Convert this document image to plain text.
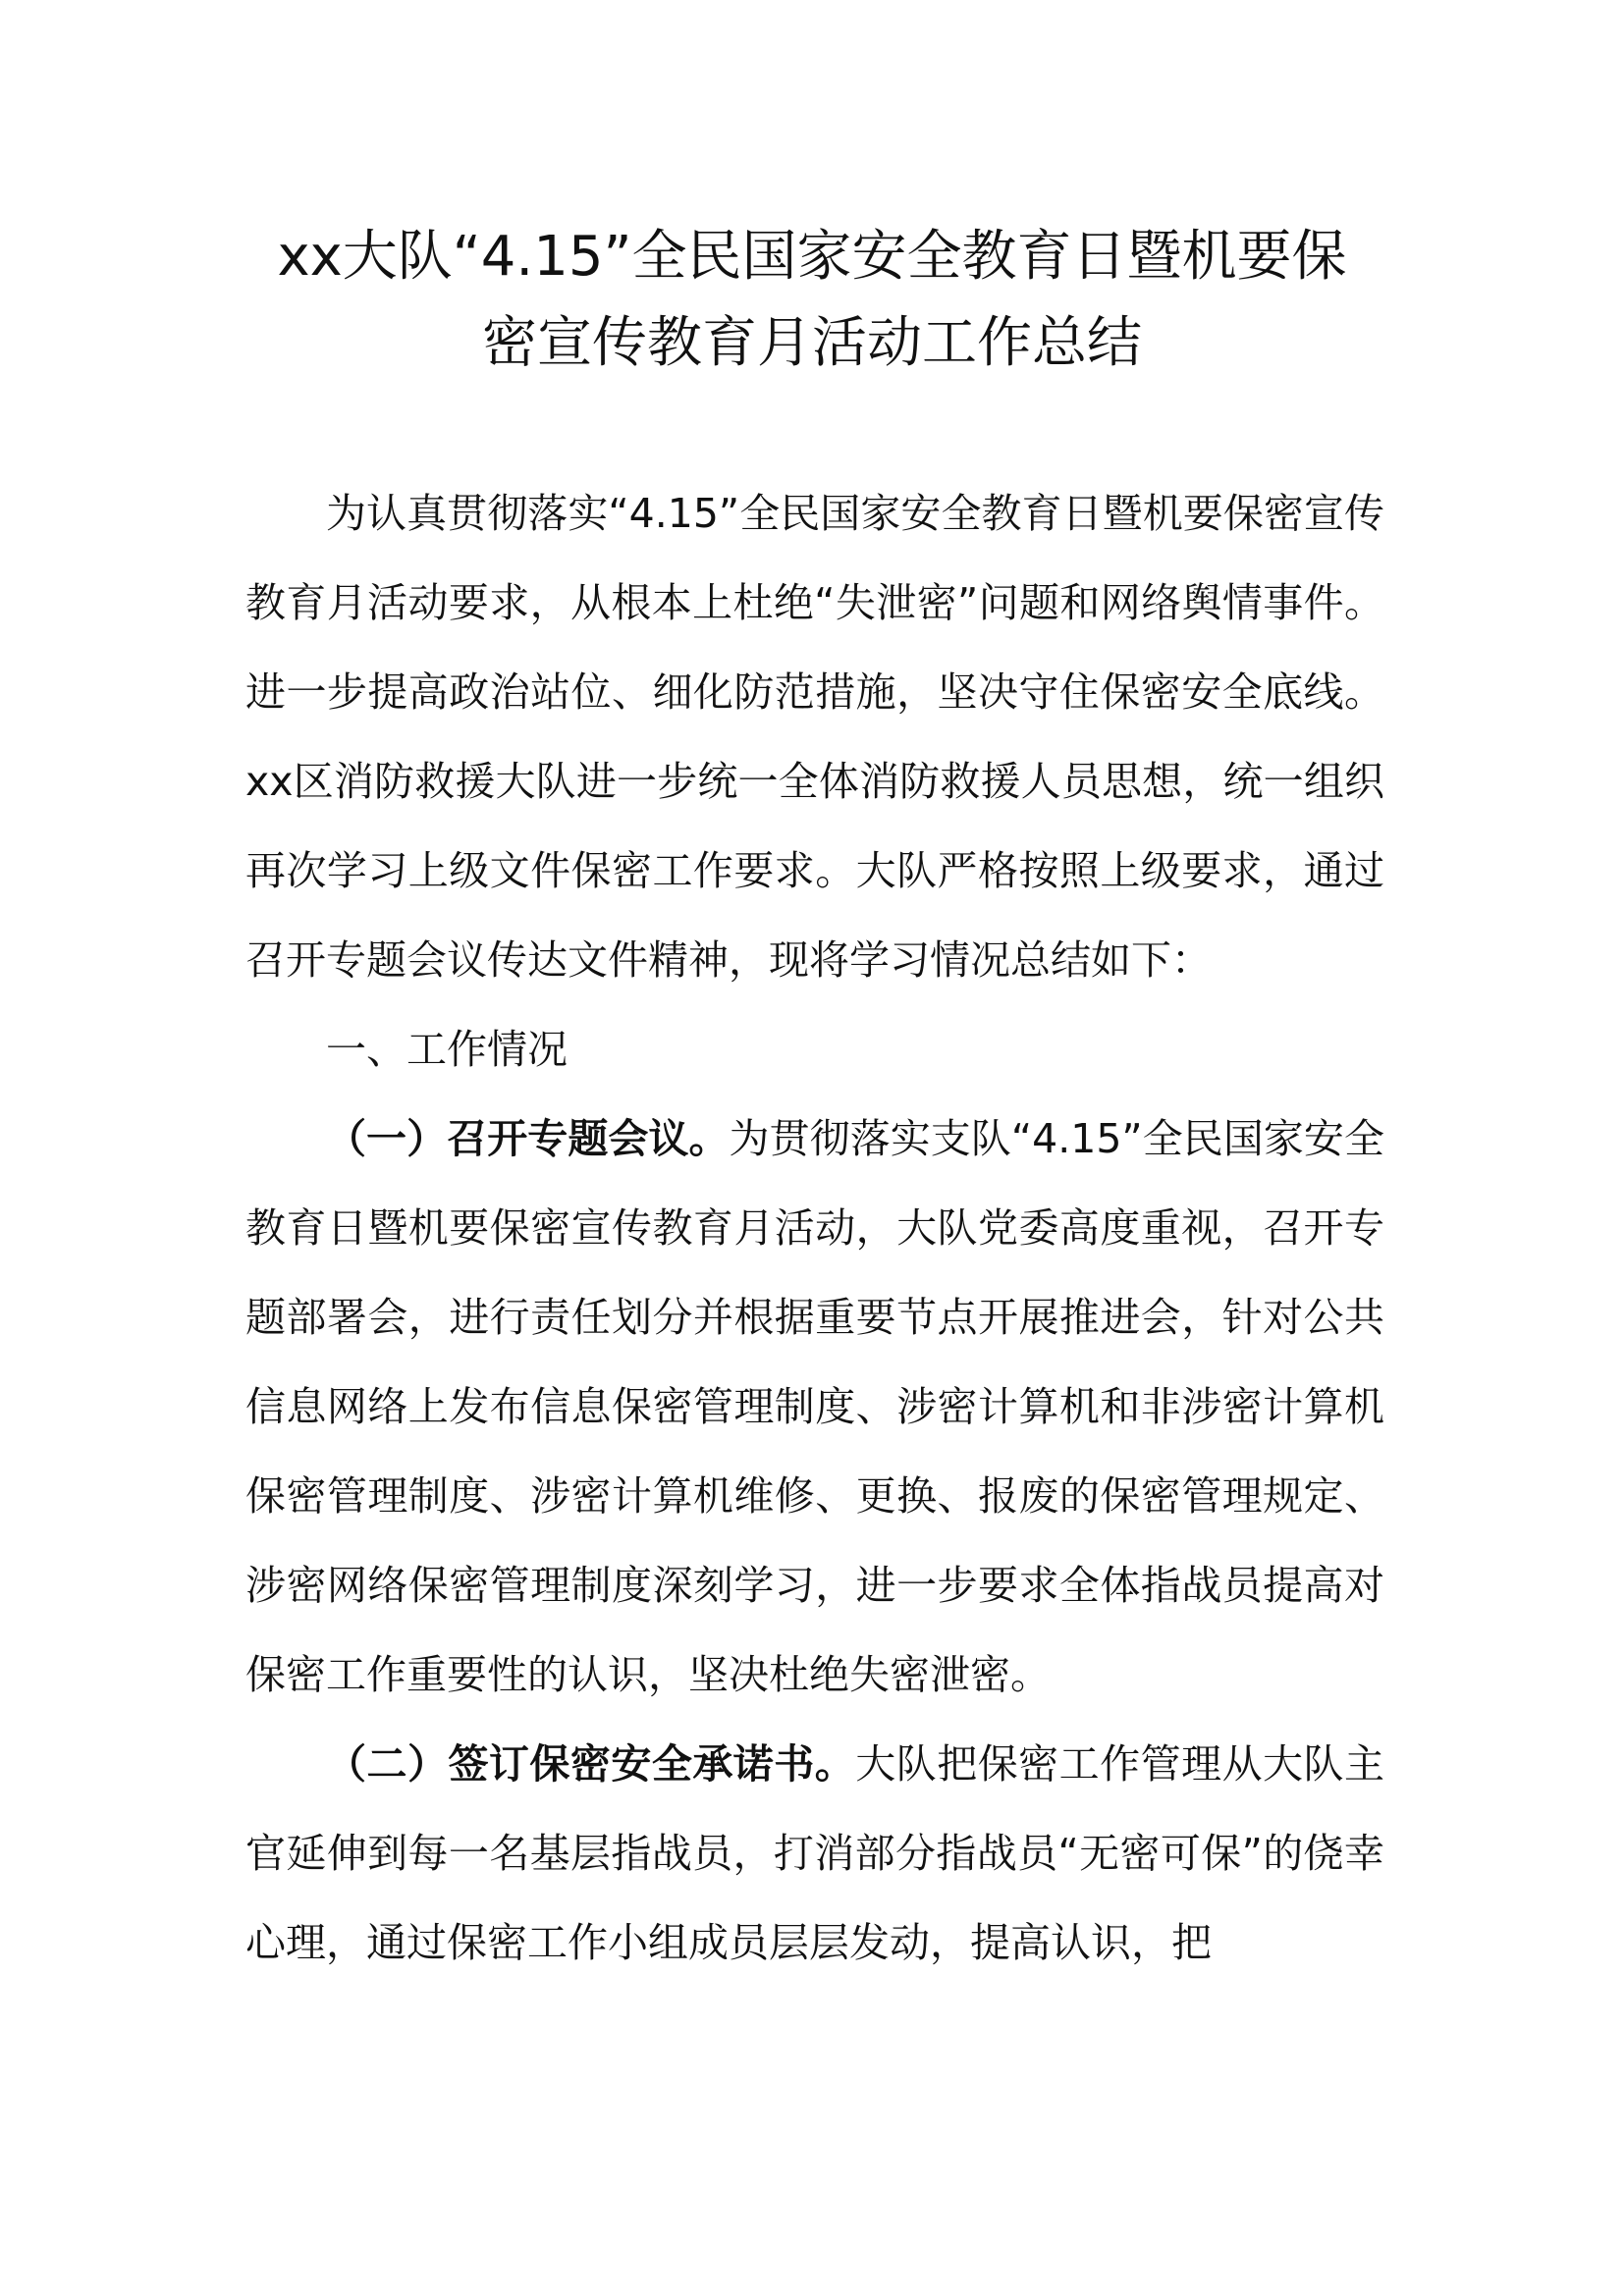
xx大队“4.15”全民国家安全教育日暨机要保
密宣传教育月活动工作总结

为认真贯彻落实“4.15”全民国家安全教育日暨机要保密宣传教育月活动要求，从根本上杜绝“失泄密”问题和网络舆情事件。进一步提高政治站位、细化防范措施，坚决守住保密安全底线。xx区消防救援大队进一步统一全体消防救援人员思想，统一组织再次学习上级文件保密工作要求。大队严格按照上级要求，通过召开专题会议传达文件精神，现将学习情况总结如下：

一、工作情况

（一）召开专题会议。为贯彻落实支队“4.15”全民国家安全教育日暨机要保密宣传教育月活动，大队党委高度重视，召开专题部署会，进行责任划分并根据重要节点开展推进会，针对公共信息网络上发布信息保密管理制度、涉密计算机和非涉密计算机保密管理制度、涉密计算机维修、更换、报废的保密管理规定、涉密网络保密管理制度深刻学习，进一步要求全体指战员提高对保密工作重要性的认识，坚决杜绝失密泄密。

（二）签订保密安全承诺书。大队把保密工作管理从大队主官延伸到每一名基层指战员，打消部分指战员“无密可保”的侥幸心理，通过保密工作小组成员层层发动，提高认识，把
